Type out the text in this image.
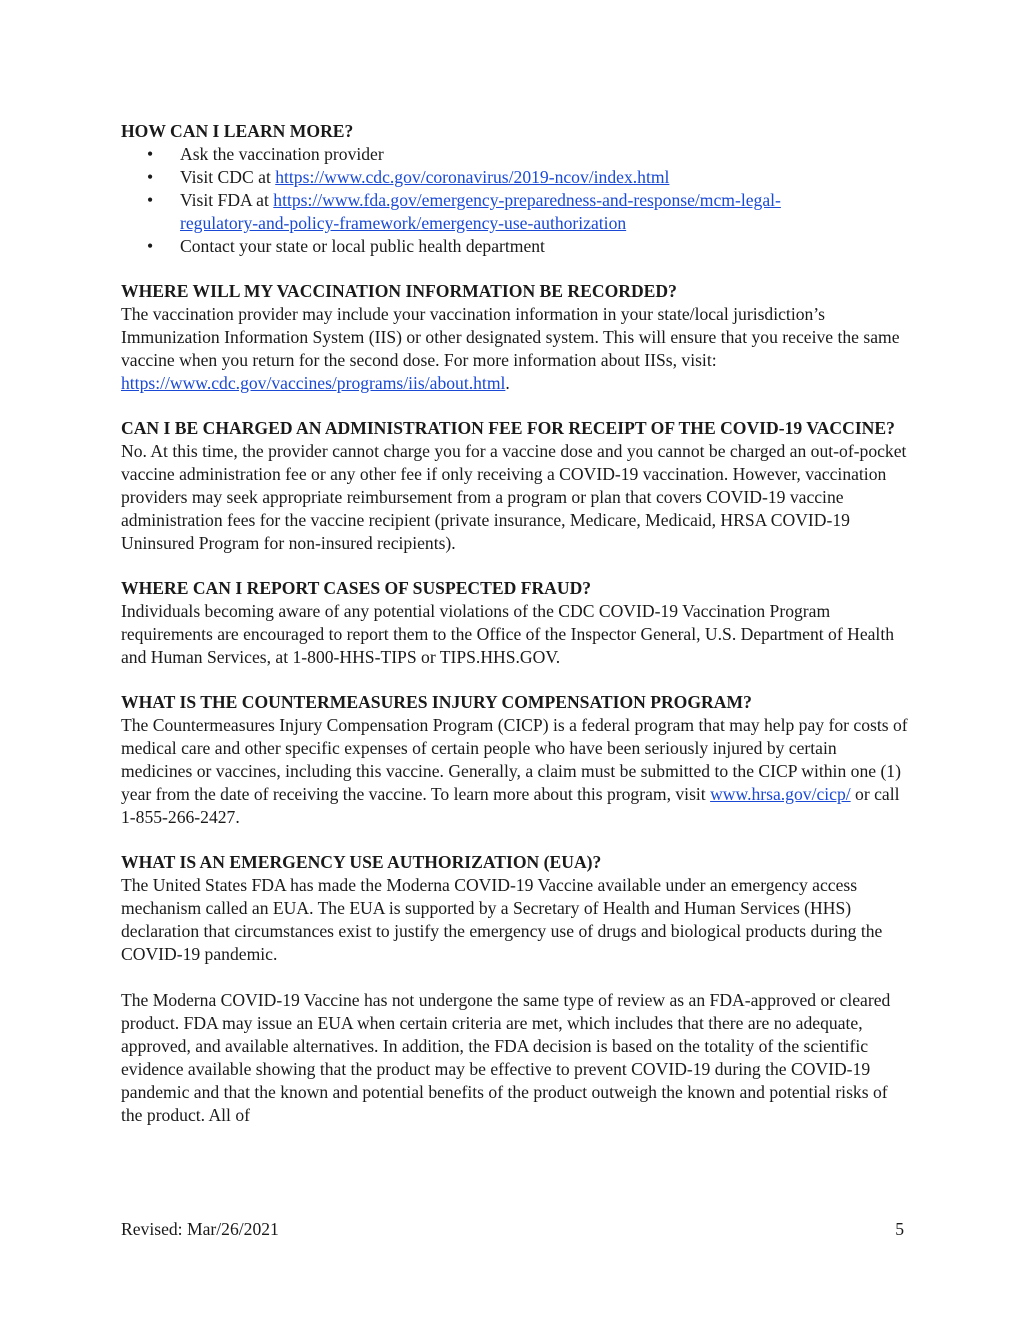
HOW CAN I LEARN MORE?

• Ask the vaccination provider
• Visit CDC at https://www.cdc.gov/coronavirus/2019-ncov/index.html
• Visit FDA at https://www.fda.gov/emergency-preparedness-and-response/mcm-legal-
regulatory-and-policy-framework/emergency-use-authorization
• Contact your state or local public health department

WHERE WILL MY VACCINATION INFORMATION BE RECORDED?

The vaccination provider may include your vaccination information in your state/local jurisdiction’s Immunization Information System (IIS) or other designated system. This will ensure that you receive the same vaccine when you return for the second dose. For more information about IISs, visit: https://www.cdc.gov/vaccines/programs/iis/about.html.

CAN I BE CHARGED AN ADMINISTRATION FEE FOR RECEIPT OF THE COVID-19 VACCINE?

No. At this time, the provider cannot charge you for a vaccine dose and you cannot be charged an out-of-pocket vaccine administration fee or any other fee if only receiving a COVID-19 vaccination. However, vaccination providers may seek appropriate reimbursement from a program or plan that covers COVID-19 vaccine administration fees for the vaccine recipient (private insurance, Medicare, Medicaid, HRSA COVID-19 Uninsured Program for non-insured recipients).

WHERE CAN I REPORT CASES OF SUSPECTED FRAUD?

Individuals becoming aware of any potential violations of the CDC COVID-19 Vaccination Program requirements are encouraged to report them to the Office of the Inspector General, U.S. Department of Health and Human Services, at 1-800-HHS-TIPS or TIPS.HHS.GOV.

WHAT IS THE COUNTERMEASURES INJURY COMPENSATION PROGRAM?

The Countermeasures Injury Compensation Program (CICP) is a federal program that may help pay for costs of medical care and other specific expenses of certain people who have been seriously injured by certain medicines or vaccines, including this vaccine. Generally, a claim must be submitted to the CICP within one (1) year from the date of receiving the vaccine. To learn more about this program, visit www.hrsa.gov/cicp/ or call 1-855-266-2427.

WHAT IS AN EMERGENCY USE AUTHORIZATION (EUA)?

The United States FDA has made the Moderna COVID-19 Vaccine available under an emergency access mechanism called an EUA. The EUA is supported by a Secretary of Health and Human Services (HHS) declaration that circumstances exist to justify the emergency use of drugs and biological products during the COVID-19 pandemic.

The Moderna COVID-19 Vaccine has not undergone the same type of review as an FDA-approved or cleared product. FDA may issue an EUA when certain criteria are met, which includes that there are no adequate, approved, and available alternatives. In addition, the FDA decision is based on the totality of the scientific evidence available showing that the product may be effective to prevent COVID-19 during the COVID-19 pandemic and that the known and potential benefits of the product outweigh the known and potential risks of the product. All of

Revised: Mar/26/2021	5
